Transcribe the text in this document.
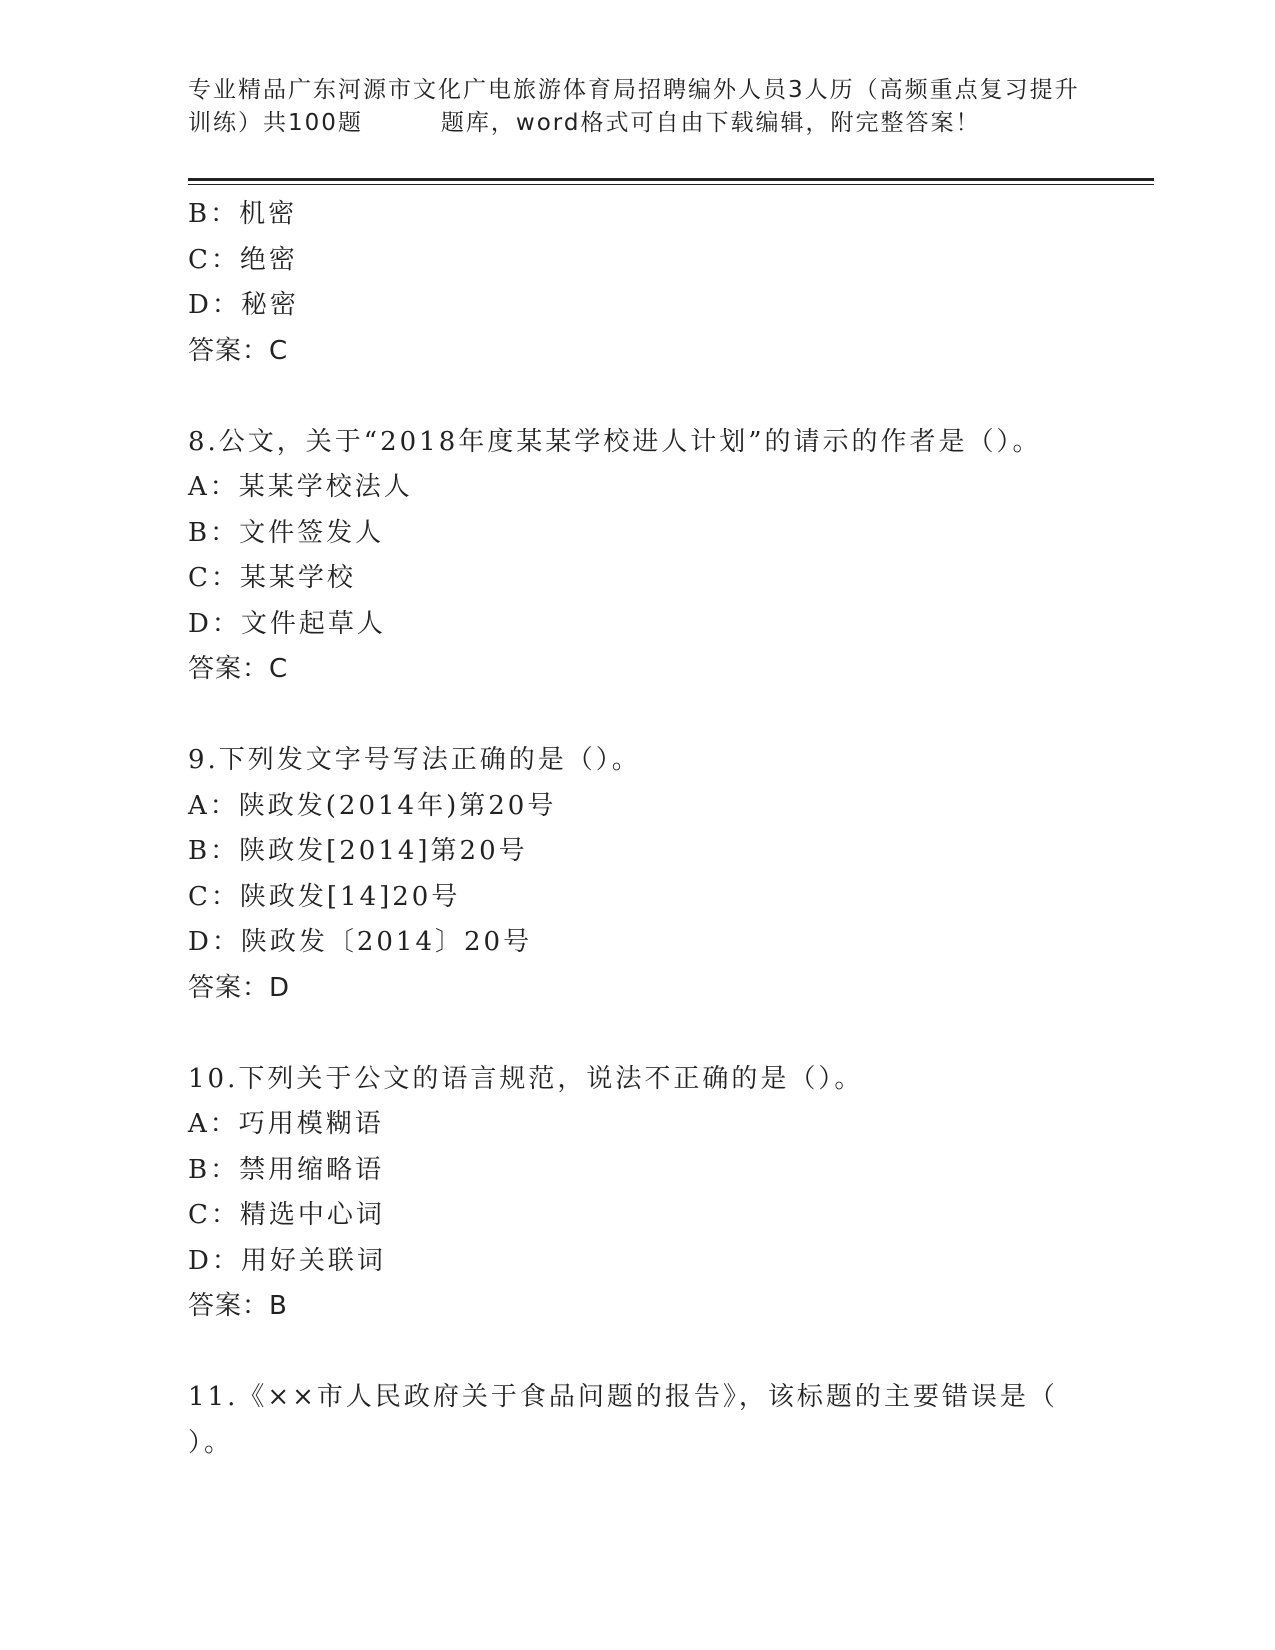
专业精品广东河源市文化广电旅游体育局招聘编外人员3人历（高频重点复习提升
训练）共100题	题库，word格式可自由下载编辑，附完整答案！
B：机密
C：绝密
D：秘密
答案：C
8.公文，关于“2018年度某某学校进人计划”的请示的作者是（）。
A：某某学校法人
B：文件签发人
C：某某学校
D：文件起草人
答案：C
9.下列发文字号写法正确的是（）。
A：陕政发(2014年)第20号
B：陕政发[2014]第20号
C：陕政发[14]20号
D：陕政发〔2014〕20号
答案：D
10.下列关于公文的语言规范，说法不正确的是（）。
A：巧用模糊语
B：禁用缩略语
C：精选中心词
D：用好关联词
答案：B
11.《××市人民政府关于食品问题的报告》，该标题的主要错误是（
）。
